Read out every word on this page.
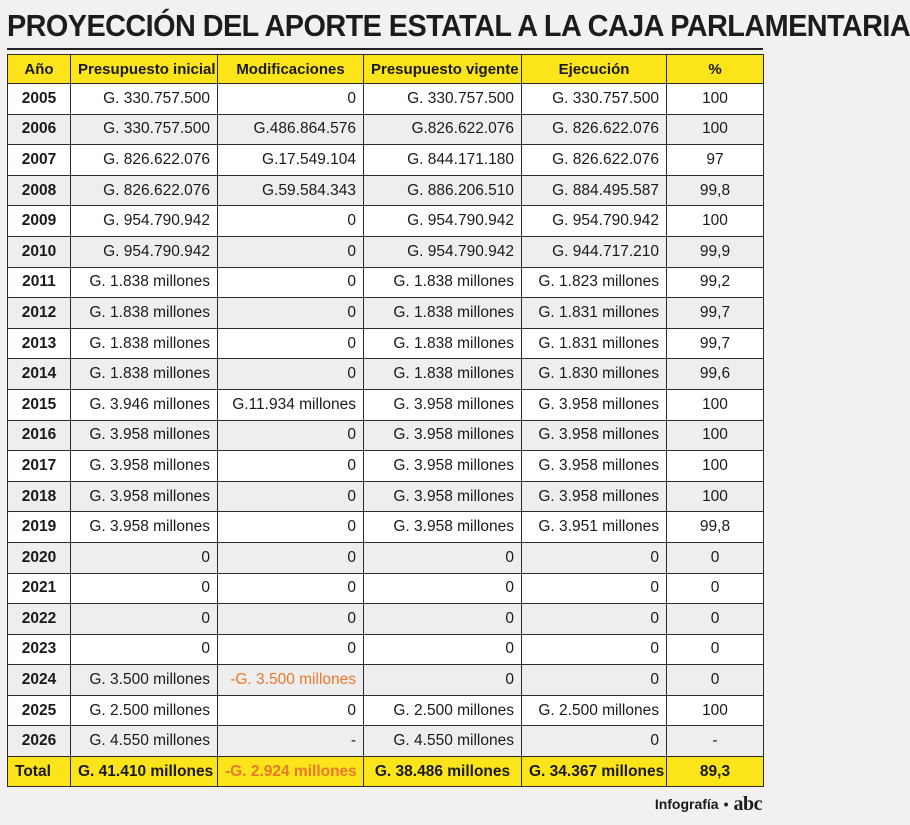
PROYECCIÓN DEL APORTE ESTATAL A LA CAJA PARLAMENTARIA
Año	Presupuesto inicial	Modificaciones	Presupuesto vigente	Ejecución	%
2005	G. 330.757.500	0	G. 330.757.500	G. 330.757.500	100
2006	G. 330.757.500	G.486.864.576	G.826.622.076	G. 826.622.076	100
2007	G. 826.622.076	G.17.549.104	G. 844.171.180	G. 826.622.076	97
2008	G. 826.622.076	G.59.584.343	G. 886.206.510	G. 884.495.587	99,8
2009	G. 954.790.942	0	G. 954.790.942	G. 954.790.942	100
2010	G. 954.790.942	0	G. 954.790.942	G. 944.717.210	99,9
2011	G. 1.838 millones	0	G. 1.838 millones	G. 1.823 millones	99,2
2012	G. 1.838 millones	0	G. 1.838 millones	G. 1.831 millones	99,7
2013	G. 1.838 millones	0	G. 1.838 millones	G. 1.831 millones	99,7
2014	G. 1.838 millones	0	G. 1.838 millones	G. 1.830 millones	99,6
2015	G. 3.946 millones	G.11.934 millones	G. 3.958 millones	G. 3.958 millones	100
2016	G. 3.958 millones	0	G. 3.958 millones	G. 3.958 millones	100
2017	G. 3.958 millones	0	G. 3.958 millones	G. 3.958 millones	100
2018	G. 3.958 millones	0	G. 3.958 millones	G. 3.958 millones	100
2019	G. 3.958 millones	0	G. 3.958 millones	G. 3.951 millones	99,8
2020	0	0	0	0	0
2021	0	0	0	0	0
2022	0	0	0	0	0
2023	0	0	0	0	0
2024	G. 3.500 millones	-G. 3.500 millones	0	0	0
2025	G. 2.500 millones	0	G. 2.500 millones	G. 2.500 millones	100
2026	G. 4.550 millones	-	G. 4.550 millones	0	-
Total	G. 41.410 millones	-G. 2.924 millones	G. 38.486 millones	G. 34.367 millones	89,3
Infografía • abc
